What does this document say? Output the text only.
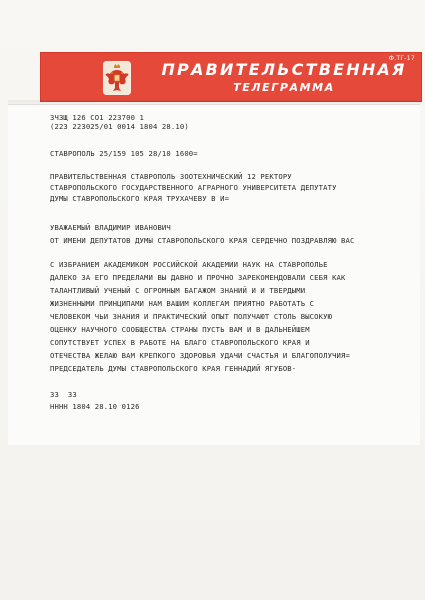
Ф.ТГ-17
ПРАВИТЕЛЬСТВЕННАЯ
ТЕЛЕГРАММА
ЗЧЗЩ 126 СО1 223700 1
(223 223025/01 0014 1804 28.10)
СТАВРОПОЛЬ 25/159 105 28/10 1600=
ПРАВИТЕЛЬСТВЕННАЯ СТАВРОПОЛЬ ЗООТЕХНИЧЕСКИЙ 12 РЕКТОРУ
СТАВРОПОЛЬСКОГО ГОСУДАРСТВЕННОГО АГРАРНОГО УНИВЕРСИТЕТА ДЕПУТАТУ
ДУМЫ СТАВРОПОЛЬСКОГО КРАЯ ТРУХАЧЕВУ В И=
УВАЖАЕМЫЙ ВЛАДИМИР ИВАНОВИЧ
ОТ ИМЕНИ ДЕПУТАТОВ ДУМЫ СТАВРОПОЛЬСКОГО КРАЯ СЕРДЕЧНО ПОЗДРАВЛЯЮ ВАС
С ИЗБРАНИЕМ АКАДЕМИКОМ РОССИЙСКОЙ АКАДЕМИИ НАУК НА СТАВРОПОЛЬЕ
ДАЛЕКО ЗА ЕГО ПРЕДЕЛАМИ ВЫ ДАВНО И ПРОЧНО ЗАРЕКОМЕНДОВАЛИ СЕБЯ КАК
ТАЛАНТЛИВЫЙ УЧЕНЫЙ С ОГРОМНЫМ БАГАЖОМ ЗНАНИЙ И И ТВЕРДЫМИ
ЖИЗНЕННЫМИ ПРИНЦИПАМИ НАМ ВАШИМ КОЛЛЕГАМ ПРИЯТНО РАБОТАТЬ С
ЧЕЛОВЕКОМ ЧЬИ ЗНАНИЯ И ПРАКТИЧЕСКИЙ ОПЫТ ПОЛУЧАЮТ СТОЛЬ ВЫСОКУЮ
ОЦЕНКУ НАУЧНОГО СООБЩЕСТВА СТРАНЫ ПУСТЬ ВАМ И В ДАЛЬНЕЙШЕМ
СОПУТСТВУЕТ УСПЕХ В РАБОТЕ НА БЛАГО СТАВРОПОЛЬСКОГО КРАЯ И
ОТЕЧЕСТВА ЖЕЛАЮ ВАМ КРЕПКОГО ЗДОРОВЬЯ УДАЧИ СЧАСТЬЯ И БЛАГОПОЛУЧИЯ=
ПРЕДСЕДАТЕЛЬ ДУМЫ СТАВРОПОЛЬСКОГО КРАЯ ГЕННАДИЙ ЯГУБОВ-
ЗЗ  ЗЗ
НННН 1804 28.10 0126
